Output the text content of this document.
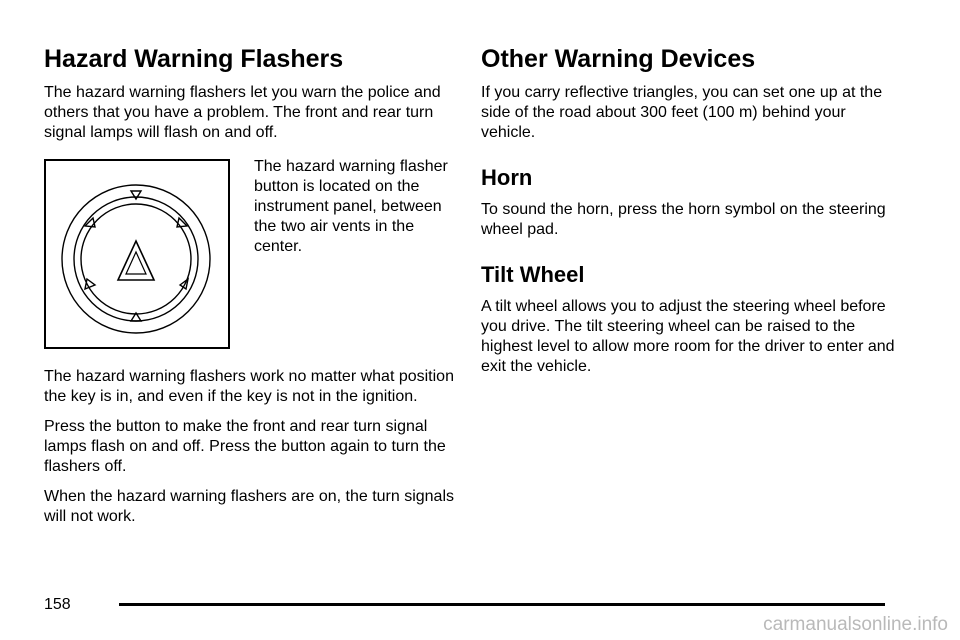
Hazard Warning Flashers

The hazard warning flashers let you warn the police and others that you have a problem. The front and rear turn signal lamps will flash on and off.

The hazard warning flasher button is located on the instrument panel, between the two air vents in the center.

The hazard warning flashers work no matter what position the key is in, and even if the key is not in the ignition.

Press the button to make the front and rear turn signal lamps flash on and off. Press the button again to turn the flashers off.

When the hazard warning flashers are on, the turn signals will not work.

Other Warning Devices

If you carry reflective triangles, you can set one up at the side of the road about 300 feet (100 m) behind your vehicle.

Horn

To sound the horn, press the horn symbol on the steering wheel pad.

Tilt Wheel

A tilt wheel allows you to adjust the steering wheel before you drive. The tilt steering wheel can be raised to the highest level to allow more room for the driver to enter and exit the vehicle.

158
carmanualsonline.info
